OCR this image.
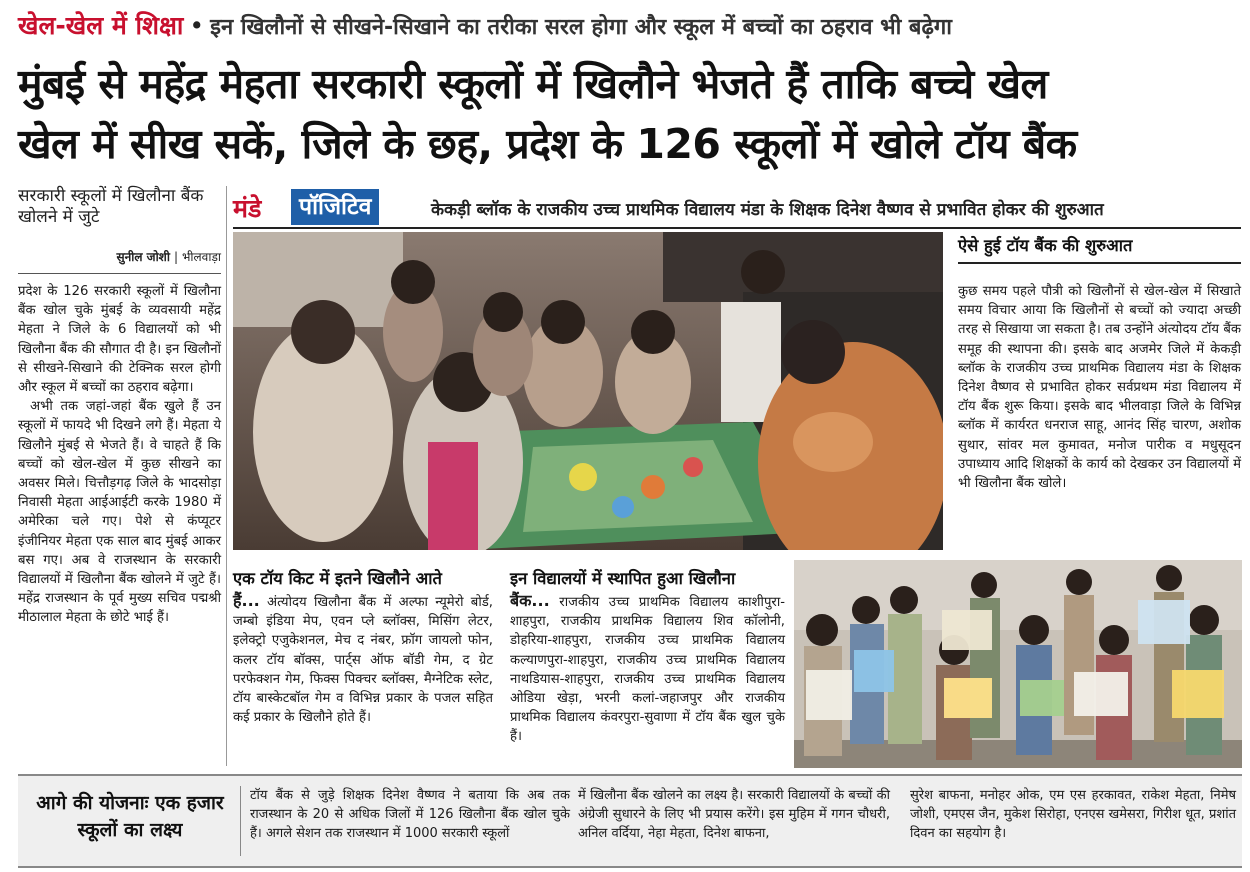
खेल-खेल में शिक्षा • इन खिलौनों से सीखने-सिखाने का तरीका सरल होगा और स्कूल में बच्चों का ठहराव भी बढ़ेगा
मुंबई से महेंद्र मेहता सरकारी स्कूलों में खिलौने भेजते हैं ताकि बच्चे खेल
खेल में सीख सकें, जिले के छह, प्रदेश के 126 स्कूलों में खोले टॉय बैंक
सरकारी स्कूलों में खिलौना बैंक खोलने में जुटे
सुनील जोशी | भीलवाड़ा

प्रदेश के 126 सरकारी स्कूलों में खिलौना बैंक खोल चुके मुंबई के व्यवसायी महेंद्र मेहता ने जिले के 6 विद्यालयों को भी खिलौना बैंक की सौगात दी है। इन खिलौनों से सीखने-सिखाने की टेक्निक सरल होगी और स्कूल में बच्चों का ठहराव बढ़ेगा।

अभी तक जहां-जहां बैंक खुले हैं उन स्कूलों में फायदे भी दिखने लगे हैं। मेहता ये खिलौने मुंबई से भेजते हैं। वे चाहते हैं कि बच्चों को खेल-खेल में कुछ सीखने का अवसर मिले। चित्तौड़गढ़ जिले के भादसोड़ा निवासी मेहता आईआईटी करके 1980 में अमेरिका चले गए। पेशे से कंप्यूटर इंजीनियर मेहता एक साल बाद मुंबई आकर बस गए। अब वे राजस्थान के सरकारी विद्यालयों में खिलौना बैंक खोलने में जुटे हैं। महेंद्र राजस्थान के पूर्व मुख्य सचिव पद्मश्री मीठालाल मेहता के छोटे भाई हैं।

मंडे	पॉजिटिव	केकड़ी ब्लॉक के राजकीय उच्च प्राथमिक विद्यालय मंडा के शिक्षक दिनेश वैष्णव से प्रभावित होकर की शुरुआत
ऐसे हुई टॉय बैंक की शुरुआत
कुछ समय पहले पौत्री को खिलौनों से खेल-खेल में सिखाते समय विचार आया कि खिलौनों से बच्चों को ज्यादा अच्छी तरह से सिखाया जा सकता है। तब उन्होंने अंत्योदय टॉय बैंक समूह की स्थापना की। इसके बाद अजमेर जिले में केकड़ी ब्लॉक के राजकीय उच्च प्राथमिक विद्यालय मंडा के शिक्षक दिनेश वैष्णव से प्रभावित होकर सर्वप्रथम मंडा विद्यालय में टॉय बैंक शुरू किया। इसके बाद भीलवाड़ा जिले के विभिन्न ब्लॉक में कार्यरत धनराज साहू, आनंद सिंह चारण, अशोक सुथार, सांवर मल कुमावत, मनोज पारीक व मधुसूदन उपाध्याय आदि शिक्षकों के कार्य को देखकर उन विद्यालयों में भी खिलौना बैंक खोले।
एक टॉय किट में इतने खिलौने आते
हैं... अंत्योदय खिलौना बैंक में अल्फा न्यूमेरो बोर्ड, जम्बो इंडिया मेप, एवन प्ले ब्लॉक्स, मिसिंग लेटर, इलेक्ट्रो एजुकेशनल, मेच द नंबर, फ्रॉग जायलो फोन, कलर टॉय बॉक्स, पार्ट्स ऑफ बॉडी गेम, द ग्रेट परफेक्शन गेम, फिक्स पिक्चर ब्लॉक्स, मैग्नेटिक स्लेट, टॉय बास्केटबॉल गेम व विभिन्न प्रकार के पजल सहित कई प्रकार के खिलौने होते हैं।
इन विद्यालयों में स्थापित हुआ खिलौना
बैंक... राजकीय उच्च प्राथमिक विद्यालय काशीपुरा-शाहपुरा, राजकीय प्राथमिक विद्यालय शिव कॉलोनी, डोहरिया-शाहपुरा, राजकीय उच्च प्राथमिक विद्यालय कल्याणपुरा-शाहपुरा, राजकीय उच्च प्राथमिक विद्यालय नाथडियास-शाहपुरा, राजकीय उच्च प्राथमिक विद्यालय ओडिया खेड़ा, भरनी कलां-जहाजपुर और राजकीय प्राथमिक विद्यालय कंवरपुरा-सुवाणा में टॉय बैंक खुल चुके हैं।
आगे की योजनाः एक हजार स्कूलों का लक्ष्य
टॉय बैंक से जुड़े शिक्षक दिनेश वैष्णव ने बताया कि अब तक राजस्थान के 20 से अधिक जिलों में 126 खिलौना बैंक खोल चुके हैं। अगले सेशन तक राजस्थान में 1000 सरकारी स्कूलों
में खिलौना बैंक खोलने का लक्ष्य है। सरकारी विद्यालयों के बच्चों की अंग्रेजी सुधारने के लिए भी प्रयास करेंगे। इस मुहिम में गगन चौधरी, अनिल वर्दिया, नेहा मेहता, दिनेश बाफना,
सुरेश बाफना, मनोहर ओक, एम एस हरकावत, राकेश मेहता, निमेष जोशी, एमएस जैन, मुकेश सिरोहा, एनएस खमेसरा, गिरीश धूत, प्रशांत दिवन का सहयोग है।
